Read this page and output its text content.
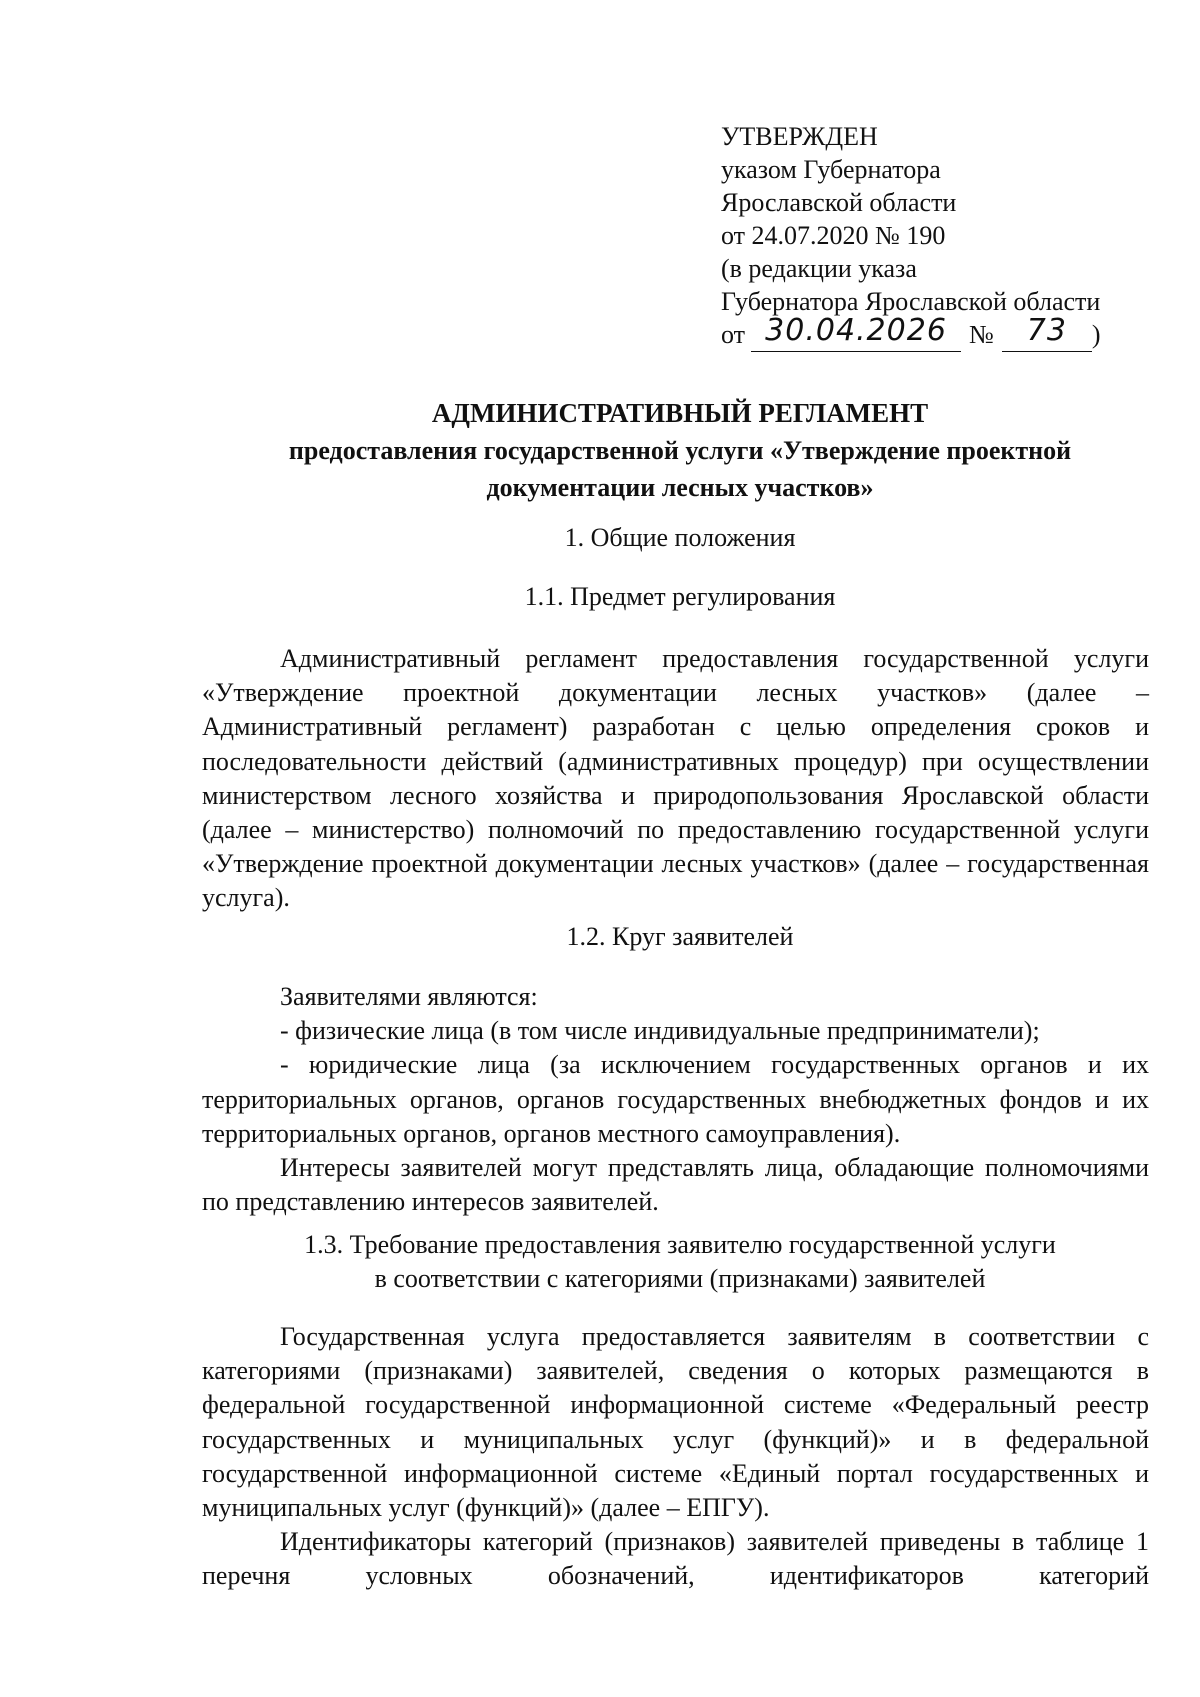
УТВЕРЖДЕН
указом Губернатора
Ярославской области
от 24.07.2020 № 190
(в редакции указа
Губернатора Ярославской области
от 30.04.2026 № 73 )
АДМИНИСТРАТИВНЫЙ РЕГЛАМЕНТ
предоставления государственной услуги «Утверждение проектной
документации лесных участков»
1. Общие положения
1.1. Предмет регулирования

Административный регламент предоставления государственной услуги «Утверждение проектной документации лесных участков» (далее – Административный регламент) разработан с целью определения сроков и последовательности действий (административных процедур) при осуществлении министерством лесного хозяйства и природопользования Ярославской области (далее – министерство) полномочий по предоставлению государственной услуги «Утверждение проектной документации лесных участков» (далее – государственная услуга).

1.2. Круг заявителей

Заявителями являются:

- физические лица (в том числе индивидуальные предприниматели);

- юридические лица (за исключением государственных органов и их территориальных органов, органов государственных внебюджетных фондов и их территориальных органов, органов местного самоуправления).

Интересы заявителей могут представлять лица, обладающие полномочиями по представлению интересов заявителей.

1.3. Требование предоставления заявителю государственной услуги
в соответствии с категориями (признаками) заявителей

Государственная услуга предоставляется заявителям в соответствии с категориями (признаками) заявителей, сведения о которых размещаются в федеральной государственной информационной системе «Федеральный реестр государственных и муниципальных услуг (функций)» и в федеральной государственной информационной системе «Единый портал государственных и муниципальных услуг (функций)» (далее – ЕПГУ).

Идентификаторы категорий (признаков) заявителей приведены в таблице 1 перечня условных обозначений, идентификаторов категорий
